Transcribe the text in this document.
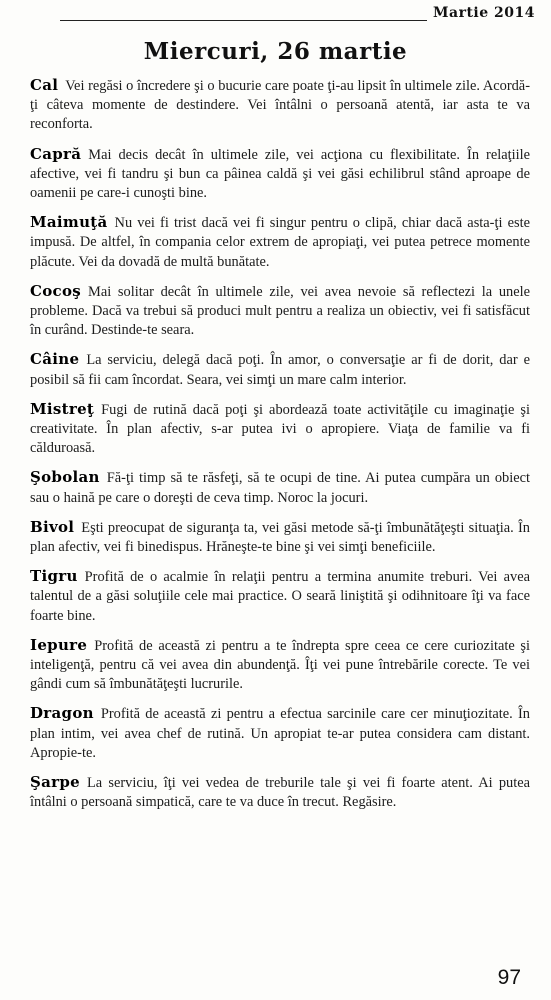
Martie 2014
Miercuri, 26 martie

Cal Vei regăsi o încredere şi o bucurie care poate ţi-au lipsit în ultimele zile. Acordă-ţi câteva momente de destindere. Vei întâlni o persoană atentă, iar asta te va reconforta.

Capră Mai decis decât în ultimele zile, vei acţiona cu flexibilitate. În relaţiile afective, vei fi tandru şi bun ca pâinea caldă şi vei găsi echilibrul stând aproape de oamenii pe care-i cunoşti bine.

Maimuţă Nu vei fi trist dacă vei fi singur pentru o clipă, chiar dacă asta-ţi este impusă. De altfel, în compania celor extrem de apropiaţi, vei putea petrece momente plăcute. Vei da dovadă de multă bunătate.

Cocoş Mai solitar decât în ultimele zile, vei avea nevoie să reflectezi la unele probleme. Dacă va trebui să produci mult pentru a realiza un obiectiv, vei fi satisfăcut în curând. Destinde-te seara.

Câine La serviciu, delegă dacă poţi. În amor, o conversaţie ar fi de dorit, dar e posibil să fii cam încordat. Seara, vei simţi un mare calm interior.

Mistreţ Fugi de rutină dacă poţi şi abordează toate activităţile cu imaginaţie şi creativitate. În plan afectiv, s-ar putea ivi o apropiere. Viaţa de familie va fi călduroasă.

Şobolan Fă-ţi timp să te răsfeţi, să te ocupi de tine. Ai putea cumpăra un obiect sau o haină pe care o doreşti de ceva timp. Noroc la jocuri.

Bivol Eşti preocupat de siguranţa ta, vei găsi metode să-ţi îmbunătăţeşti situaţia. În plan afectiv, vei fi binedispus. Hrăneşte-te bine şi vei simţi beneficiile.

Tigru Profită de o acalmie în relaţii pentru a termina anumite treburi. Vei avea talentul de a găsi soluţiile cele mai practice. O seară liniştită şi odihnitoare îţi va face foarte bine.

Iepure Profită de această zi pentru a te îndrepta spre ceea ce cere curiozitate şi inteligenţă, pentru că vei avea din abundenţă. Îţi vei pune întrebările corecte. Te vei gândi cum să îmbunătăţeşti lucrurile.

Dragon Profită de această zi pentru a efectua sarcinile care cer minuţiozitate. În plan intim, vei avea chef de rutină. Un apropiat te-ar putea considera cam distant. Apropie-te.

Şarpe La serviciu, îţi vei vedea de treburile tale şi vei fi foarte atent. Ai putea întâlni o persoană simpatică, care te va duce în trecut. Regăsire.

97
